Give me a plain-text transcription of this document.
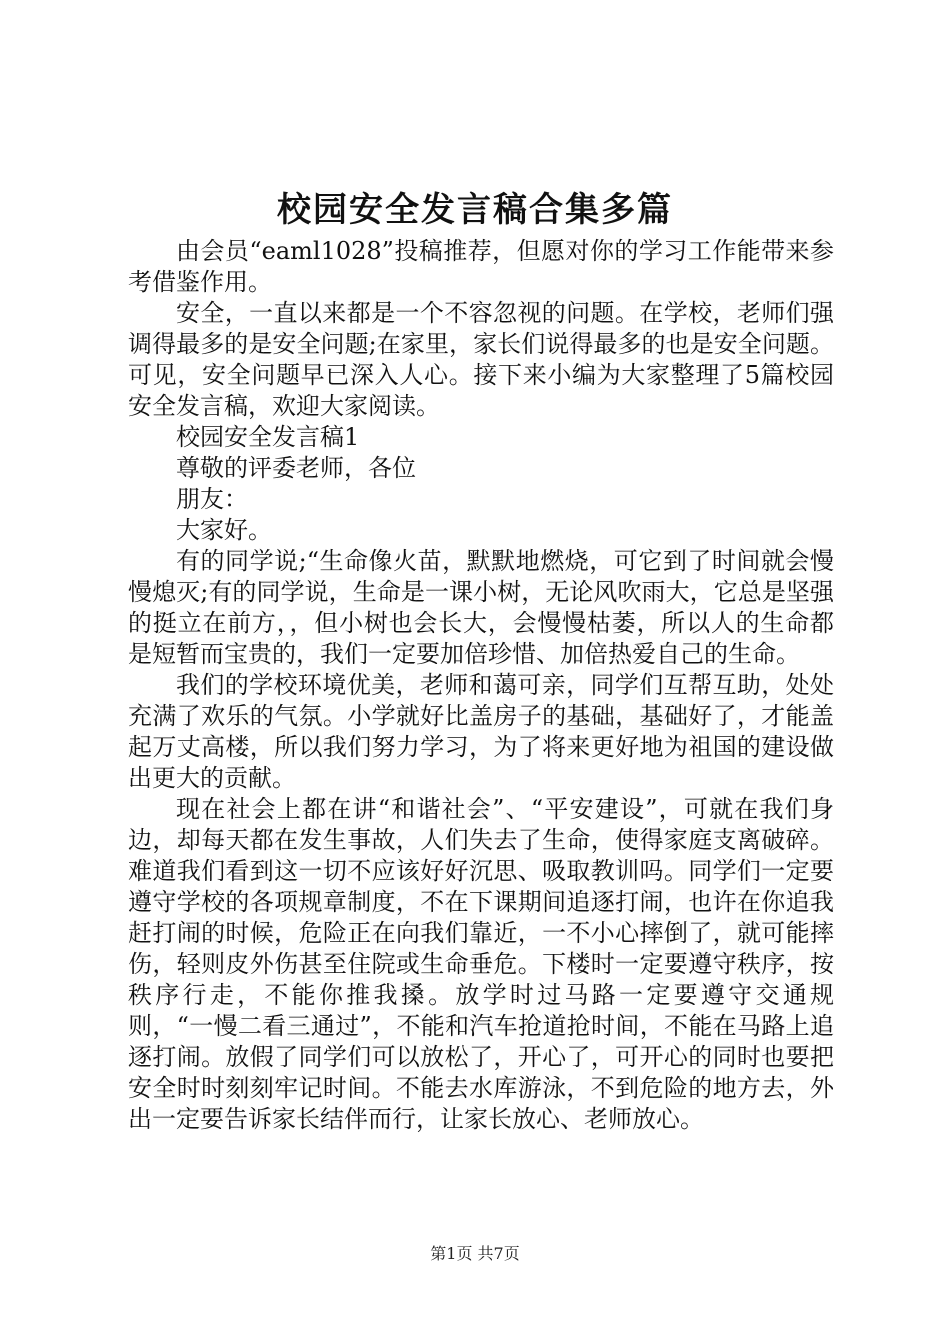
校园安全发言稿合集多篇

由会员“eaml1028”投稿推荐，但愿对你的学习工作能带来参考借鉴作用。

安全，一直以来都是一个不容忽视的问题。在学校，老师们强调得最多的是安全问题;在家里，家长们说得最多的也是安全问题。可见，安全问题早已深入人心。接下来小编为大家整理了5篇校园安全发言稿，欢迎大家阅读。

校园安全发言稿1

尊敬的评委老师，各位

朋友：

大家好。

有的同学说;“生命像火苗，默默地燃烧，可它到了时间就会慢慢熄灭;有的同学说，生命是一课小树，无论风吹雨大，它总是坚强的挺立在前方，，但小树也会长大，会慢慢枯萎，所以人的生命都是短暂而宝贵的，我们一定要加倍珍惜、加倍热爱自己的生命。

我们的学校环境优美，老师和蔼可亲，同学们互帮互助，处处充满了欢乐的气氛。小学就好比盖房子的基础，基础好了，才能盖起万丈高楼，所以我们努力学习，为了将来更好地为祖国的建设做出更大的贡献。

现在社会上都在讲“和谐社会”、“平安建设”，可就在我们身边，却每天都在发生事故，人们失去了生命，使得家庭支离破碎。难道我们看到这一切不应该好好沉思、吸取教训吗。同学们一定要遵守学校的各项规章制度，不在下课期间追逐打闹，也许在你追我赶打闹的时候，危险正在向我们靠近，一不小心摔倒了，就可能摔伤，轻则皮外伤甚至住院或生命垂危。下楼时一定要遵守秩序，按秩序行走，不能你推我搡。放学时过马路一定要遵守交通规则，“一慢二看三通过”，不能和汽车抢道抢时间，不能在马路上追逐打闹。放假了同学们可以放松了，开心了，可开心的同时也要把安全时时刻刻牢记时间。不能去水库游泳，不到危险的地方去，外出一定要告诉家长结伴而行，让家长放心、老师放心。

第1页 共7页
